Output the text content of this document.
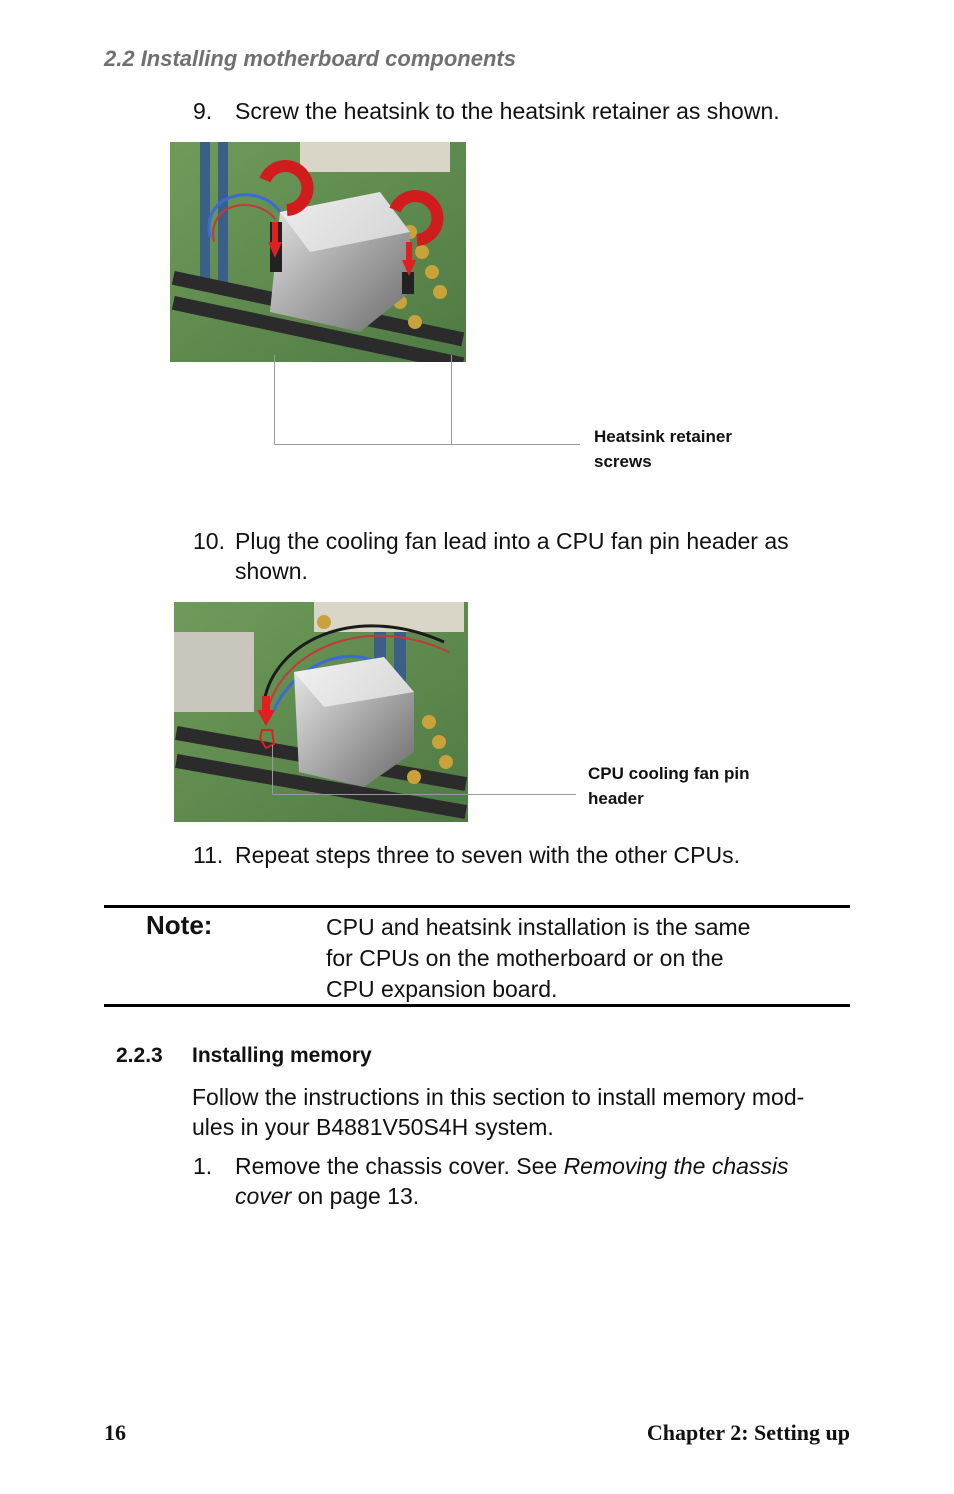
2.2 Installing motherboard components
9. Screw the heatsink to the heatsink retainer as shown.
Heatsink retainer
screws
10. Plug the cooling fan lead into a CPU fan pin header as
shown.
CPU cooling fan pin
header
11. Repeat steps three to seven with the other CPUs.
Note:	CPU and heatsink installation is the same
for CPUs on the motherboard or on the
CPU expansion board.
2.2.3 Installing memory
Follow the instructions in this section to install memory mod-
ules in your B4881V50S4H system.
1. Remove the chassis cover. See Removing the chassis
cover on page 13.
16	Chapter 2: Setting up
